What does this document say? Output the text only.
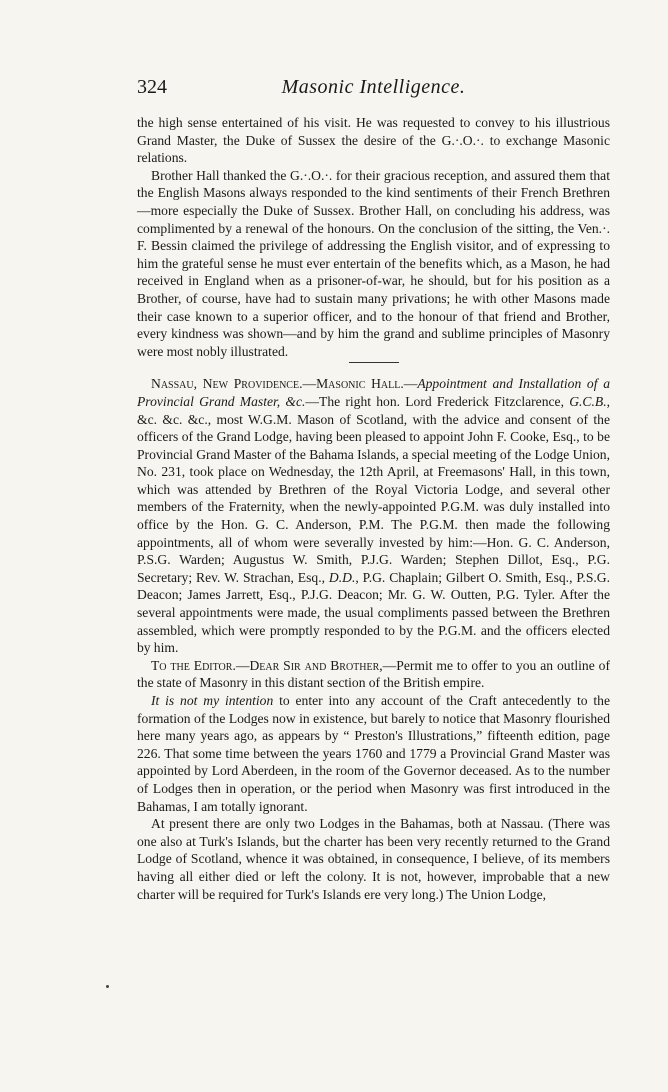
324	Masonic Intelligence.

the high sense entertained of his visit. He was requested to convey to his illustrious Grand Master, the Duke of Sussex the desire of the G.·.O.·. to exchange Masonic relations.

Brother Hall thanked the G.·.O.·. for their gracious reception, and assured them that the English Masons always responded to the kind sentiments of their French Brethren—more especially the Duke of Sussex. Brother Hall, on concluding his address, was complimented by a renewal of the honours. On the conclusion of the sitting, the Ven.·. F. Bessin claimed the privilege of addressing the English visitor, and of expressing to him the grateful sense he must ever entertain of the benefits which, as a Mason, he had received in England when as a prisoner-of-war, he should, but for his position as a Brother, of course, have had to sustain many privations; he with other Masons made their case known to a superior officer, and to the honour of that friend and Brother, every kindness was shown—and by him the grand and sublime principles of Masonry were most nobly illustrated.

Nassau, New Providence.—Masonic Hall.—Appointment and Installation of a Provincial Grand Master, &c.—The right hon. Lord Frederick Fitzclarence, G.C.B., &c. &c. &c., most W.G.M. Mason of Scotland, with the advice and consent of the officers of the Grand Lodge, having been pleased to appoint John F. Cooke, Esq., to be Provincial Grand Master of the Bahama Islands, a special meeting of the Lodge Union, No. 231, took place on Wednesday, the 12th April, at Freemasons' Hall, in this town, which was attended by Brethren of the Royal Victoria Lodge, and several other members of the Fraternity, when the newly-appointed P.G.M. was duly installed into office by the Hon. G. C. Anderson, P.M. The P.G.M. then made the following appointments, all of whom were severally invested by him:—Hon. G. C. Anderson, P.S.G. Warden; Augustus W. Smith, P.J.G. Warden; Stephen Dillot, Esq., P.G. Secretary; Rev. W. Strachan, Esq., D.D., P.G. Chaplain; Gilbert O. Smith, Esq., P.S.G. Deacon; James Jarrett, Esq., P.J.G. Deacon; Mr. G. W. Outten, P.G. Tyler. After the several appointments were made, the usual compliments passed between the Brethren assembled, which were promptly responded to by the P.G.M. and the officers elected by him.

To the Editor.—Dear Sir and Brother,—Permit me to offer to you an outline of the state of Masonry in this distant section of the British empire.

It is not my intention to enter into any account of the Craft antecedently to the formation of the Lodges now in existence, but barely to notice that Masonry flourished here many years ago, as appears by “ Preston's Illustrations,” fifteenth edition, page 226. That some time between the years 1760 and 1779 a Provincial Grand Master was appointed by Lord Aberdeen, in the room of the Governor deceased. As to the number of Lodges then in operation, or the period when Masonry was first introduced in the Bahamas, I am totally ignorant.

At present there are only two Lodges in the Bahamas, both at Nassau. (There was one also at Turk's Islands, but the charter has been very recently returned to the Grand Lodge of Scotland, whence it was obtained, in consequence, I believe, of its members having all either died or left the colony. It is not, however, improbable that a new charter will be required for Turk's Islands ere very long.) The Union Lodge,
